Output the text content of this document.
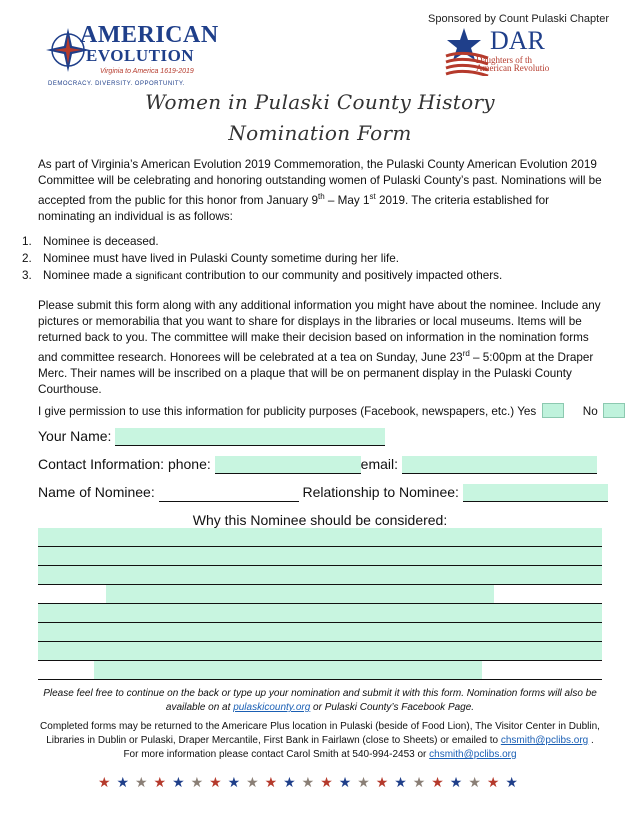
AMERICAN
EVOLUTION
Virginia to America 1619-2019
DEMOCRACY. DIVERSITY. OPPORTUNITY.
Sponsored by Count Pulaski Chapter
DAR
Daughters of th
American Revolutio
Women in Pulaski County History
Nomination Form

As part of Virginia’s American Evolution 2019 Commemoration, the Pulaski County American Evolution 2019 Committee will be celebrating and honoring outstanding women of Pulaski County’s past. Nominations will be accepted from the public for this honor from January 9th – May 1st 2019. The criteria established for nominating an individual is as follows:

1. Nominee is deceased.
2. Nominee must have lived in Pulaski County sometime during her life.
3. Nominee made a significant contribution to our community and positively impacted others.

Please submit this form along with any additional information you might have about the nominee. Include any pictures or memorabilia that you want to share for displays in the libraries or local museums. Items will be returned back to you. The committee will make their decision based on information in the nomination forms and committee research. Honorees will be celebrated at a tea on Sunday, June 23rd – 5:00pm at the Draper Merc. Their names will be inscribed on a plaque that will be on permanent display in the Pulaski County Courthouse.

I give permission to use this information for publicity purposes (Facebook, newspapers, etc.) Yes	No
Your Name:
Contact Information: phone:	email:
Name of Nominee:	Relationship to Nominee:
Why this Nominee should be considered:

Please feel free to continue on the back or type up your nomination and submit it with this form. Nomination forms will also be available on at pulaskicounty.org or Pulaski County’s Facebook Page.

Completed forms may be returned to the Americare Plus location in Pulaski (beside of Food Lion), The Visitor Center in Dublin, Libraries in Dublin or Pulaski, Draper Mercantile, First Bank in Fairlawn (close to Sheets) or emailed to chsmith@pclibs.org .
For more information please contact Carol Smith at 540-994-2453 or chsmith@pclibs.org

★ ★ ★ ★ ★ ★ ★ ★ ★ ★ ★ ★ ★ ★ ★ ★ ★ ★ ★ ★ ★ ★ ★
